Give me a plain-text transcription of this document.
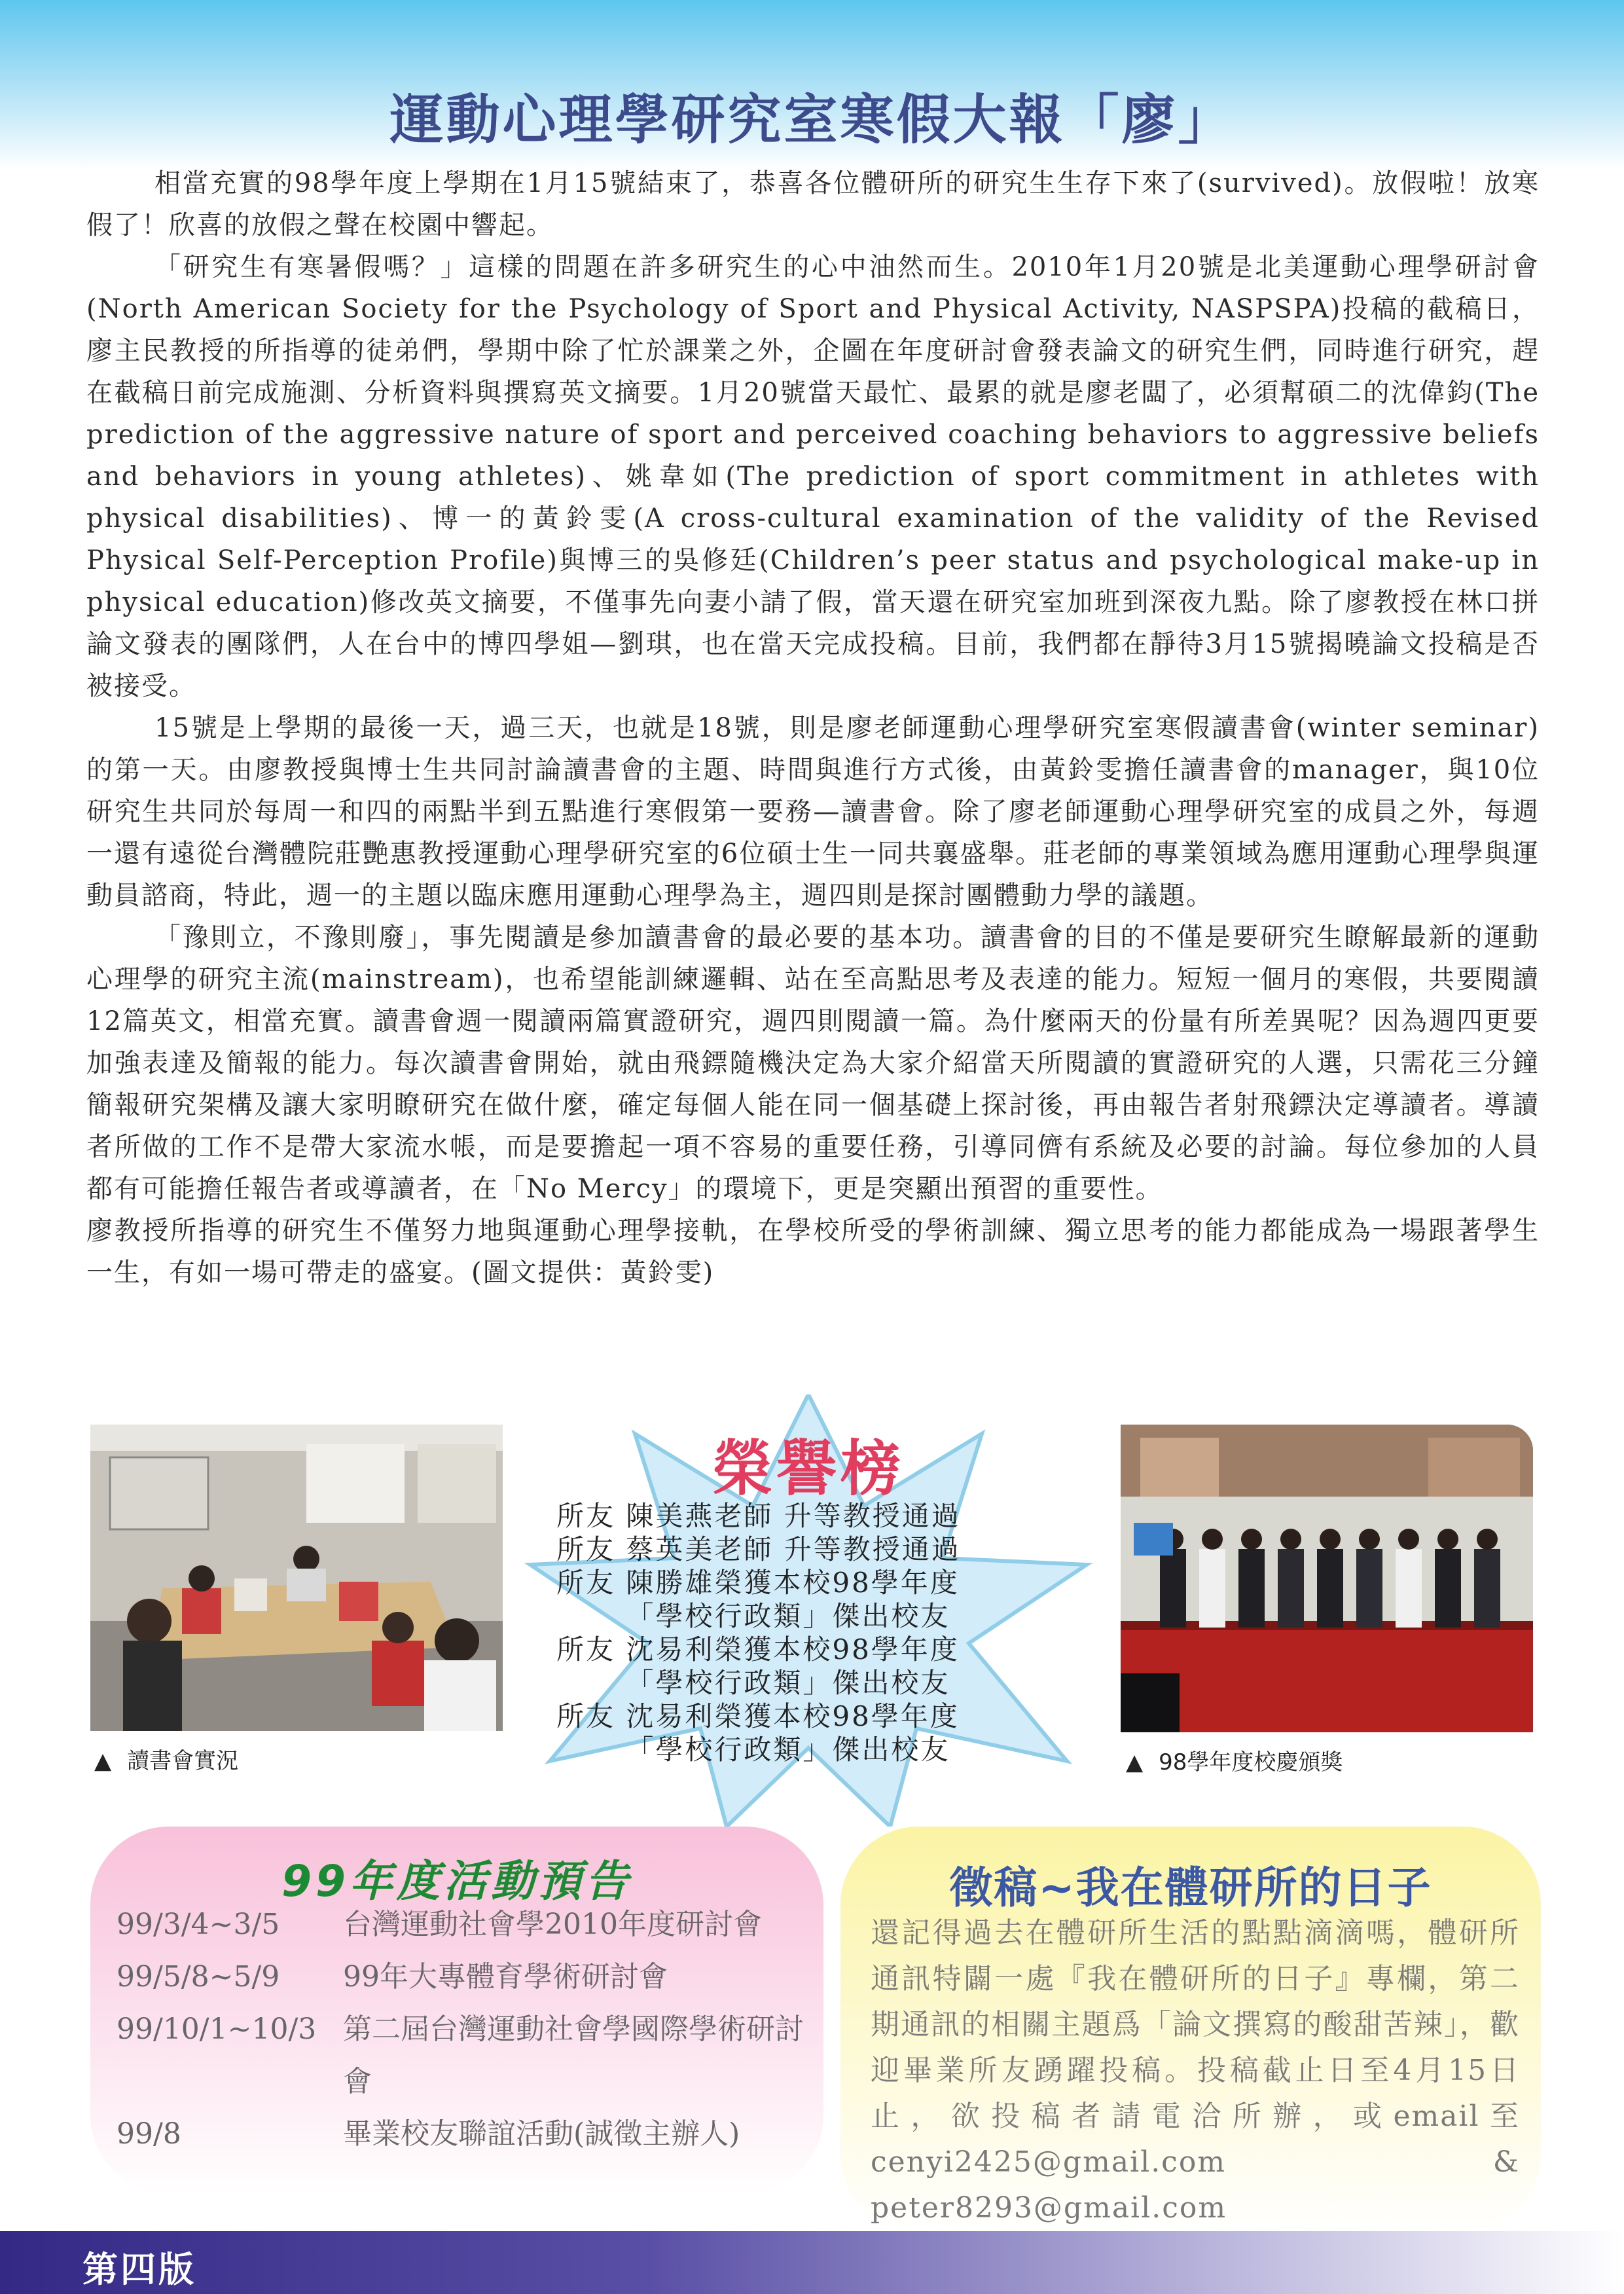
運動心理學研究室寒假大報「廖」

相當充實的98學年度上學期在1月15號結束了，恭喜各位體研所的研究生生存下來了(survived)。放假啦！放寒假了！欣喜的放假之聲在校園中響起。

「研究生有寒暑假嗎？」這樣的問題在許多研究生的心中油然而生。2010年1月20號是北美運動心理學研討會(North American Society for the Psychology of Sport and Physical Activity, NASPSPA)投稿的截稿日，廖主民教授的所指導的徒弟們，學期中除了忙於課業之外，企圖在年度研討會發表論文的研究生們，同時進行研究，趕在截稿日前完成施測、分析資料與撰寫英文摘要。1月20號當天最忙、最累的就是廖老闆了，必須幫碩二的沈偉鈞(The prediction of the aggressive nature of sport and perceived coaching behaviors to aggressive beliefs and behaviors in young athletes)、姚韋如(The prediction of sport commitment in athletes with physical disabilities)、博一的黃鈴雯(A cross-cultural examination of the validity of the Revised Physical Self-Perception Profile)與博三的吳修廷(Children’s peer status and psychological make-up in physical education)修改英文摘要，不僅事先向妻小請了假，當天還在研究室加班到深夜九點。除了廖教授在林口拼論文發表的團隊們，人在台中的博四學姐—劉琪，也在當天完成投稿。目前，我們都在靜待3月15號揭曉論文投稿是否被接受。

15號是上學期的最後一天，過三天，也就是18號，則是廖老師運動心理學研究室寒假讀書會(winter seminar)的第一天。由廖教授與博士生共同討論讀書會的主題、時間與進行方式後，由黃鈴雯擔任讀書會的manager，與10位研究生共同於每周一和四的兩點半到五點進行寒假第一要務—讀書會。除了廖老師運動心理學研究室的成員之外，每週一還有遠從台灣體院莊艷惠教授運動心理學研究室的6位碩士生一同共襄盛舉。莊老師的專業領域為應用運動心理學與運動員諮商，特此，週一的主題以臨床應用運動心理學為主，週四則是探討團體動力學的議題。

「豫則立，不豫則廢」，事先閱讀是參加讀書會的最必要的基本功。讀書會的目的不僅是要研究生瞭解最新的運動心理學的研究主流(mainstream)，也希望能訓練邏輯、站在至高點思考及表達的能力。短短一個月的寒假，共要閱讀12篇英文，相當充實。讀書會週一閱讀兩篇實證研究，週四則閱讀一篇。為什麼兩天的份量有所差異呢？因為週四更要加強表達及簡報的能力。每次讀書會開始，就由飛鏢隨機決定為大家介紹當天所閱讀的實證研究的人選，只需花三分鐘簡報研究架構及讓大家明瞭研究在做什麼，確定每個人能在同一個基礎上探討後，再由報告者射飛鏢決定導讀者。導讀者所做的工作不是帶大家流水帳，而是要擔起一項不容易的重要任務，引導同儕有系統及必要的討論。每位參加的人員都有可能擔任報告者或導讀者，在「No Mercy」的環境下，更是突顯出預習的重要性。

廖教授所指導的研究生不僅努力地與運動心理學接軌，在學校所受的學術訓練、獨立思考的能力都能成為一場跟著學生一生，有如一場可帶走的盛宴。(圖文提供：黃鈴雯)

▲ 讀書會實況
榮譽榜
所友 陳美燕老師 升等教授通過
所友 蔡英美老師 升等教授通過
所友 陳勝雄榮獲本校98學年度
　　 「學校行政類」傑出校友
所友 沈易利榮獲本校98學年度
　　 「學校行政類」傑出校友
所友 沈易利榮獲本校98學年度
　　 「學校行政類」傑出校友	▲ 98學年度校慶頒獎
99年度活動預告
99/3/4~3/5	台灣運動社會學2010年度研討會
99/5/8~5/9	99年大專體育學術研討會
99/10/1~10/3 第二屆台灣運動社會學國際學術研討會
99/8	畢業校友聯誼活動(誠徵主辦人)
徵稿~我在體研所的日子
還記得過去在體研所生活的點點滴滴嗎，體研所通訊特闢一處『我在體研所的日子』專欄，第二期通訊的相關主題爲「論文撰寫的酸甜苦辣」，歡迎畢業所友踴躍投稿。投稿截止日至4月15日止，欲投稿者請電洽所辦，或email至 cenyi2425@gmail.com & peter8293@gmail.com
第四版
